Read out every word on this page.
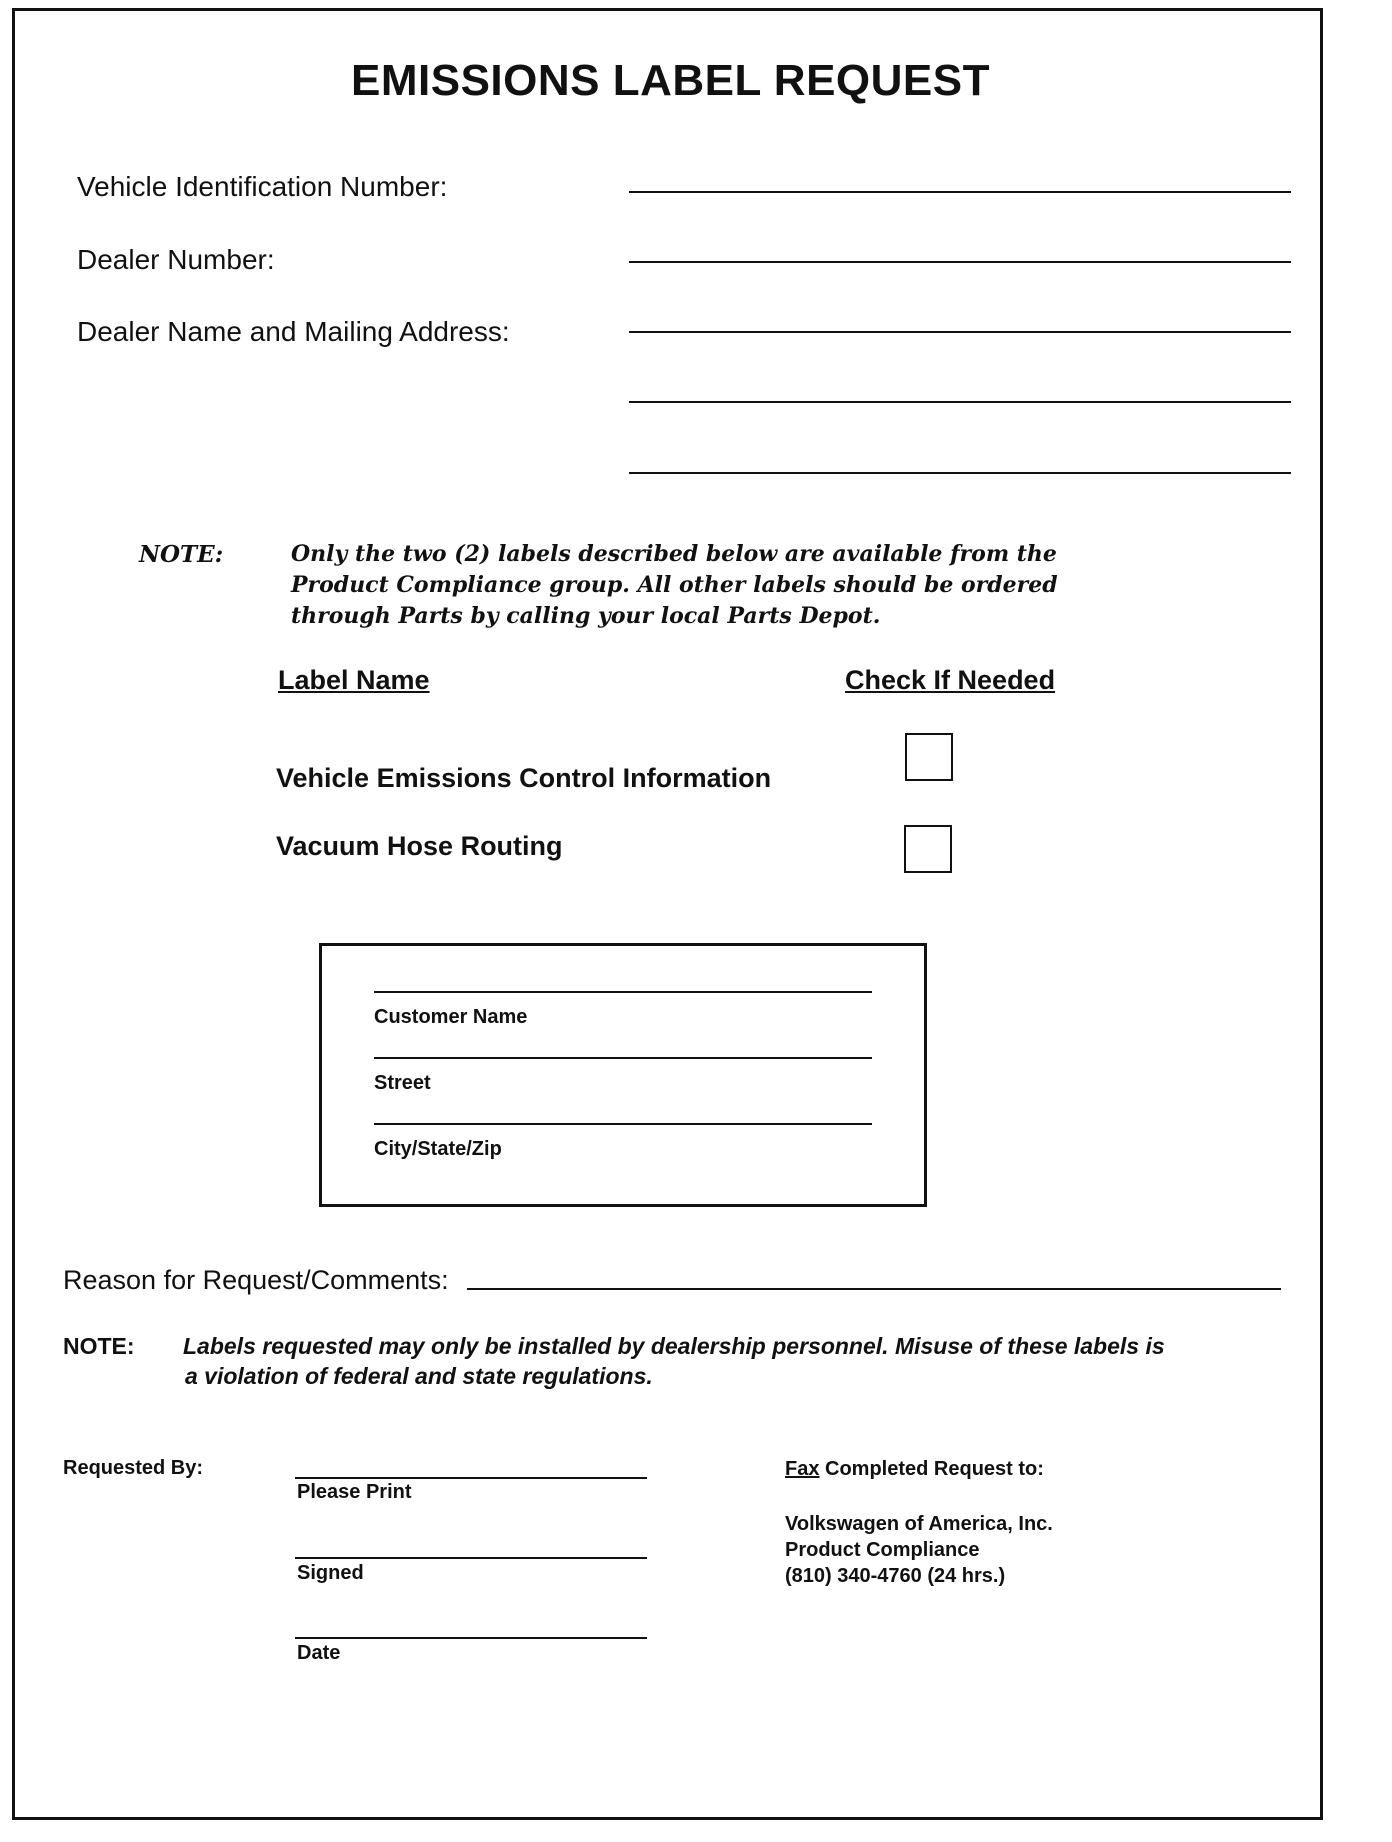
EMISSIONS LABEL REQUEST
Vehicle Identification Number:
Dealer Number:
Dealer Name and Mailing Address:
NOTE:	Only the two (2) labels described below are available from the
Product Compliance group. All other labels should be ordered
through Parts by calling your local Parts Depot.
Label Name	Check If Needed
Vehicle Emissions Control Information
Vacuum Hose Routing
Customer Name
Street
City/State/Zip
Reason for Request/Comments:
NOTE: Labels requested may only be installed by dealership personnel. Misuse of these labels is
a violation of federal and state regulations.
Requested By:
Please Print
Signed
Date
Fax Completed Request to:
Volkswagen of America, Inc.
Product Compliance
(810) 340-4760 (24 hrs.)
